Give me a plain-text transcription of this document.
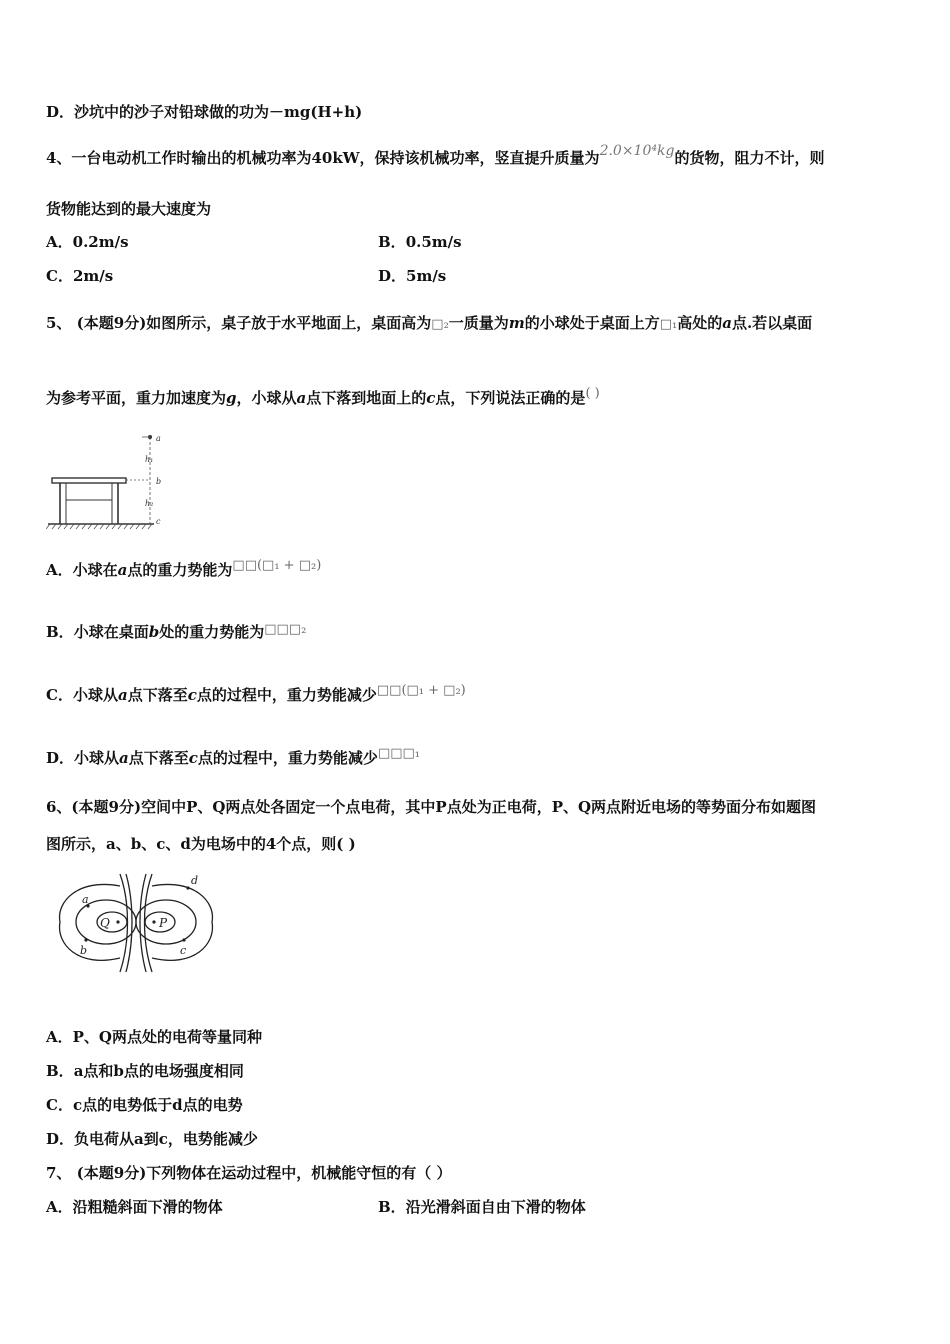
D．沙坑中的沙子对铅球做的功为－mg(H+h)
4、一台电动机工作时输出的机械功率为40kW，保持该机械功率，竖直提升质量为2.0×10⁴kg的货物，阻力不计，则
货物能达到的最大速度为
A．0.2m/s	B．0.5m/s
C．2m/s	D．5m/s
5、 (本题9分)如图所示，桌子放于水平地面上，桌面高为□₂一质量为m的小球处于桌面上方□₁高处的a点.若以桌面
为参考平面，重力加速度为g，小球从a点下落到地面上的c点，下列说法正确的是( )
a
h₁
b
h₂
c
A．小球在a点的重力势能为□□(□₁ + □₂)
B．小球在桌面b处的重力势能为□□□₂
C．小球从a点下落至c点的过程中，重力势能减少□□(□₁ + □₂)
D．小球从a点下落至c点的过程中，重力势能减少□□□₁
6、(本题9分)空间中P、Q两点处各固定一个点电荷，其中P点处为正电荷，P、Q两点附近电场的等势面分布如题图
图所示，a、b、c、d为电场中的4个点，则( )
Q	P
a
b	c
d
A．P、Q两点处的电荷等量同种
B．a点和b点的电场强度相同
C．c点的电势低于d点的电势
D．负电荷从a到c，电势能减少
7、 (本题9分)下列物体在运动过程中，机械能守恒的有（ ）
A．沿粗糙斜面下滑的物体	B．沿光滑斜面自由下滑的物体
